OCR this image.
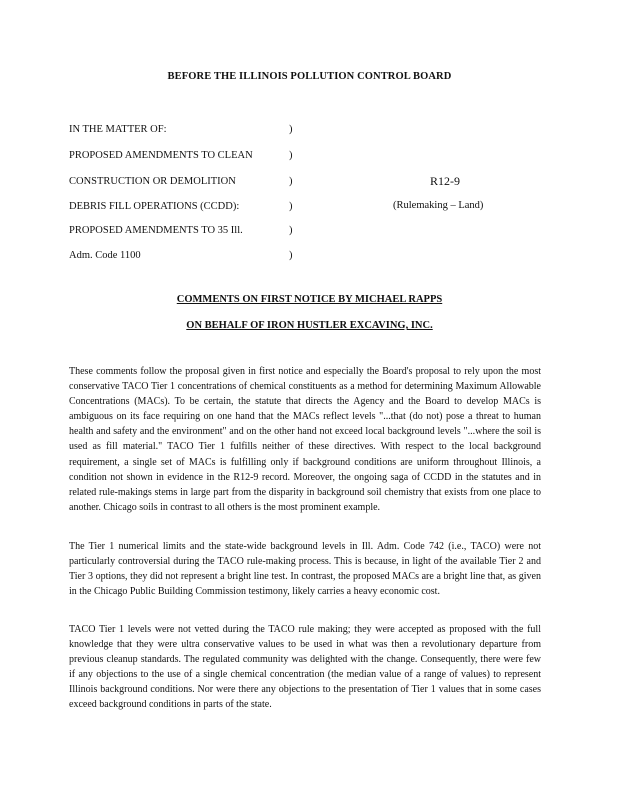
BEFORE THE ILLINOIS POLLUTION CONTROL BOARD
IN THE MATTER OF:
PROPOSED AMENDMENTS TO CLEAN
CONSTRUCTION OR DEMOLITION
DEBRIS FILL OPERATIONS (CCDD):
PROPOSED AMENDMENTS TO 35 Ill.
Adm. Code 1100
)
)
)
)
)
)
R12-9
(Rulemaking – Land)
COMMENTS ON FIRST NOTICE BY MICHAEL RAPPS
ON BEHALF OF IRON HUSTLER EXCAVING, INC.

These comments follow the proposal given in first notice and especially the Board's proposal to rely upon the most conservative TACO Tier 1 concentrations of chemical constituents as a method for determining Maximum Allowable Concentrations (MACs). To be certain, the statute that directs the Agency and the Board to develop MACs is ambiguous on its face requiring on one hand that the MACs reflect levels "...that (do not) pose a threat to human health and safety and the environment" and on the other hand not exceed local background levels "...where the soil is used as fill material." TACO Tier 1 fulfills neither of these directives. With respect to the local background requirement, a single set of MACs is fulfilling only if background conditions are uniform throughout Illinois, a condition not shown in evidence in the R12-9 record. Moreover, the ongoing saga of CCDD in the statutes and in related rule-makings stems in large part from the disparity in background soil chemistry that exists from one place to another. Chicago soils in contrast to all others is the most prominent example.

The Tier 1 numerical limits and the state-wide background levels in Ill. Adm. Code 742 (i.e., TACO) were not particularly controversial during the TACO rule-making process. This is because, in light of the available Tier 2 and Tier 3 options, they did not represent a bright line test. In contrast, the proposed MACs are a bright line that, as given in the Chicago Public Building Commission testimony, likely carries a heavy economic cost.

TACO Tier 1 levels were not vetted during the TACO rule making; they were accepted as proposed with the full knowledge that they were ultra conservative values to be used in what was then a revolutionary departure from previous cleanup standards. The regulated community was delighted with the change. Consequently, there were few if any objections to the use of a single chemical concentration (the median value of a range of values) to represent Illinois background conditions. Nor were there any objections to the presentation of Tier 1 values that in some cases exceed background conditions in parts of the state.
